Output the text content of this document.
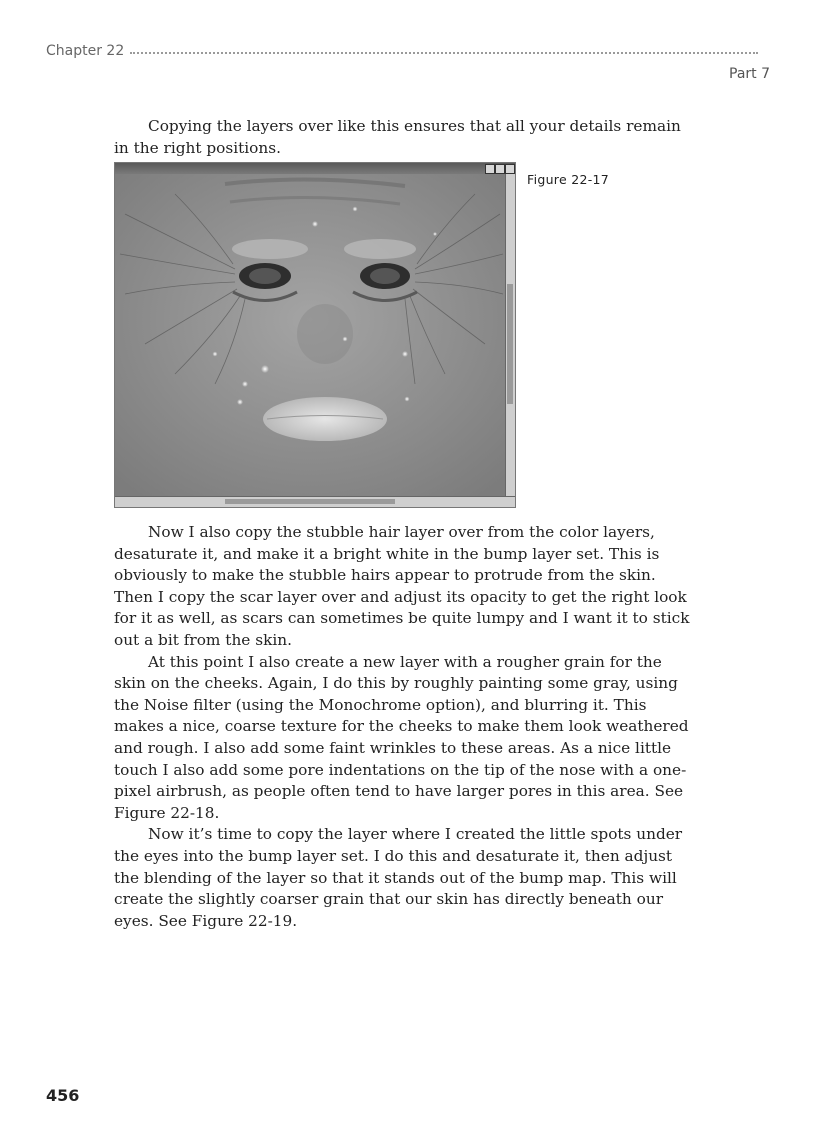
Chapter 22
Part 7

Copying the layers over like this ensures that all your details remain in the right positions.

Figure 22-17

Now I also copy the stubble hair layer over from the color layers, desaturate it, and make it a bright white in the bump layer set. This is obviously to make the stubble hairs appear to protrude from the skin. Then I copy the scar layer over and adjust its opacity to get the right look for it as well, as scars can sometimes be quite lumpy and I want it to stick out a bit from the skin.

At this point I also create a new layer with a rougher grain for the skin on the cheeks. Again, I do this by roughly painting some gray, using the Noise filter (using the Monochrome option), and blurring it. This makes a nice, coarse texture for the cheeks to make them look weathered and rough. I also add some faint wrinkles to these areas. As a nice little touch I also add some pore indentations on the tip of the nose with a one-pixel airbrush, as people often tend to have larger pores in this area. See Figure 22-18.

Now it’s time to copy the layer where I created the little spots under the eyes into the bump layer set. I do this and desaturate it, then adjust the blending of the layer so that it stands out of the bump map. This will create the slightly coarser grain that our skin has directly beneath our eyes. See Figure 22-19.

456
